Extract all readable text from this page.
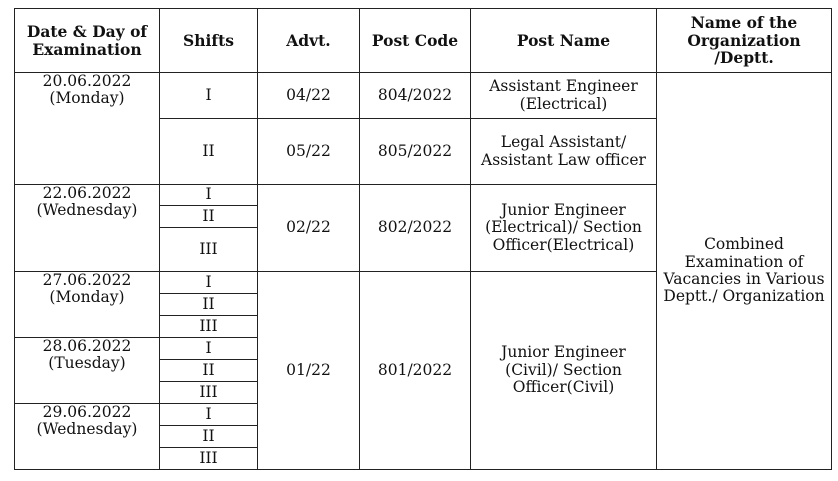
Date & Day of Examination	Shifts	Advt.	Post Code	Post Name	Name of the Organization /Deptt.

20.06.2022
(Monday)	I	04/22	804/2022	Assistant Engineer (Electrical)	Combined Examination of Vacancies in Various Deptt./ Organization
	II	05/22	805/2022	Legal Assistant/ Assistant Law officer	

22.06.2022
(Wednesday)	I	02/22	802/2022	Junior Engineer (Electrical)/ Section Officer(Electrical)	
	II				
	III				

27.06.2022
(Monday)	I	01/22	801/2022	Junior Engineer (Civil)/ Section Officer(Civil)	
	II				
	III				

28.06.2022
(Tuesday)	I				
	II				
	III				

29.06.2022
(Wednesday)	I				
	II				
	III				
